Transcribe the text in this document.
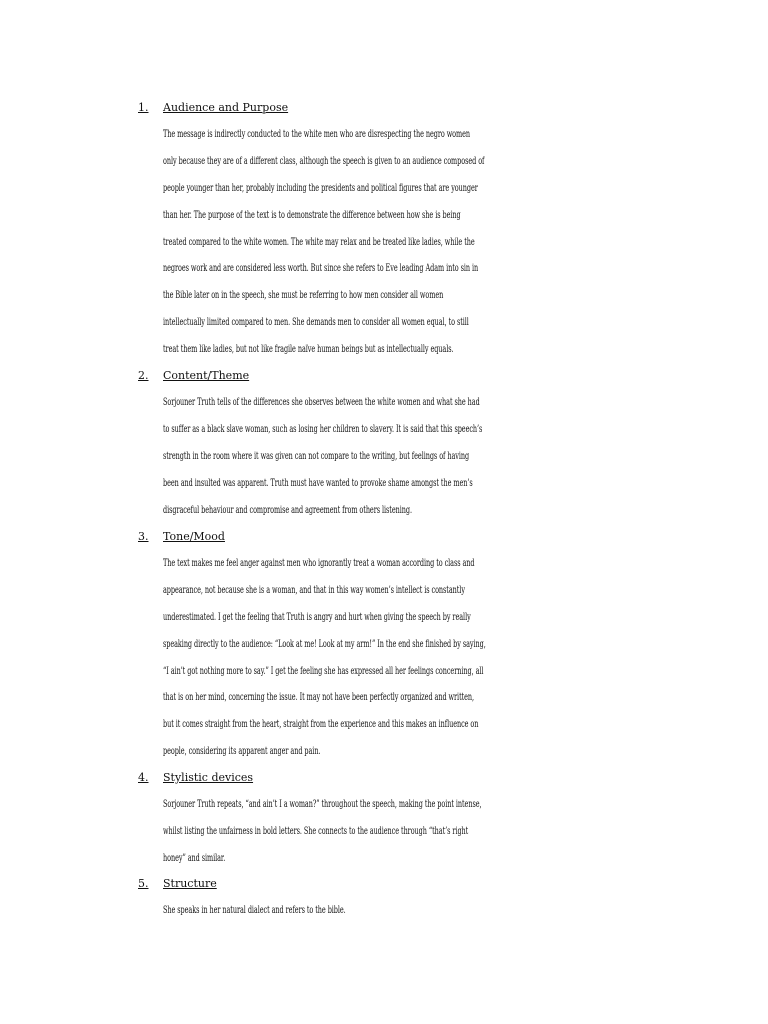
1. Audience and Purpose
The message is indirectly conducted to the white men who are disrespecting the negro women
only because they are of a different class, although the speech is given to an audience composed of
people younger than her, probably including the presidents and political figures that are younger
than her. The purpose of the text is to demonstrate the difference between how she is being
treated compared to the white women. The white may relax and be treated like ladies, while the
negroes work and are considered less worth. But since she refers to Eve leading Adam into sin in
the Bible later on in the speech, she must be referring to how men consider all women
intellectually limited compared to men. She demands men to consider all women equal, to still
treat them like ladies, but not like fragile naïve human beings but as intellectually equals.
2. Content/Theme
Sorjouner Truth tells of the differences she observes between the white women and what she had
to suffer as a black slave woman, such as losing her children to slavery. It is said that this speech’s
strength in the room where it was given can not compare to the writing, but feelings of having
been and insulted was apparent. Truth must have wanted to provoke shame amongst the men’s
disgraceful behaviour and compromise and agreement from others listening.
3. Tone/Mood
The text makes me feel anger against men who ignorantly treat a woman according to class and
appearance, not because she is a woman, and that in this way women’s intellect is constantly
underestimated. I get the feeling that Truth is angry and hurt when giving the speech by really
speaking directly to the audience: “Look at me! Look at my arm!” In the end she finished by saying,
“I ain’t got nothing more to say.” I get the feeling she has expressed all her feelings concerning, all
that is on her mind, concerning the issue. It may not have been perfectly organized and written,
but it comes straight from the heart, straight from the experience and this makes an influence on
people, considering its apparent anger and pain.
4. Stylistic devices
Sorjouner Truth repeats, “and ain’t I a woman?” throughout the speech, making the point intense,
whilst listing the unfairness in bold letters. She connects to the audience through “that’s right
honey” and similar.
5. Structure
She speaks in her natural dialect and refers to the bible.
